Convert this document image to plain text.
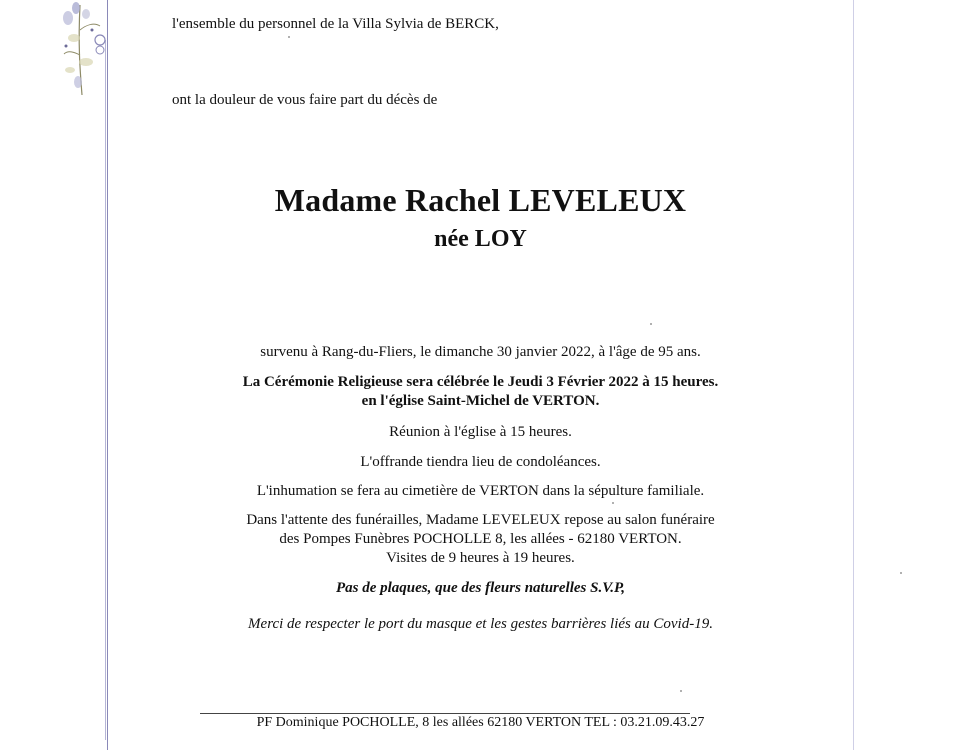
l'ensemble du personnel de la Villa Sylvia de BERCK,
ont la douleur de vous faire part du décès de
Madame Rachel LEVELEUX
née LOY
survenu à Rang-du-Fliers, le dimanche 30 janvier 2022, à l'âge de 95 ans.
La Cérémonie Religieuse sera célébrée le Jeudi 3 Février 2022 à 15 heures.
en l'église Saint-Michel de VERTON.
Réunion à l'église à 15 heures.
L'offrande tiendra lieu de condoléances.
L'inhumation se fera au cimetière de VERTON dans la sépulture familiale.
Dans l'attente des funérailles, Madame LEVELEUX repose au salon funéraire
des Pompes Funèbres POCHOLLE 8, les allées - 62180 VERTON.
Visites de 9 heures à 19 heures.
Pas de plaques, que des fleurs naturelles S.V.P,
Merci de respecter le port du masque et les gestes barrières liés au Covid-19.
PF Dominique POCHOLLE, 8 les allées 62180 VERTON TEL : 03.21.09.43.27
